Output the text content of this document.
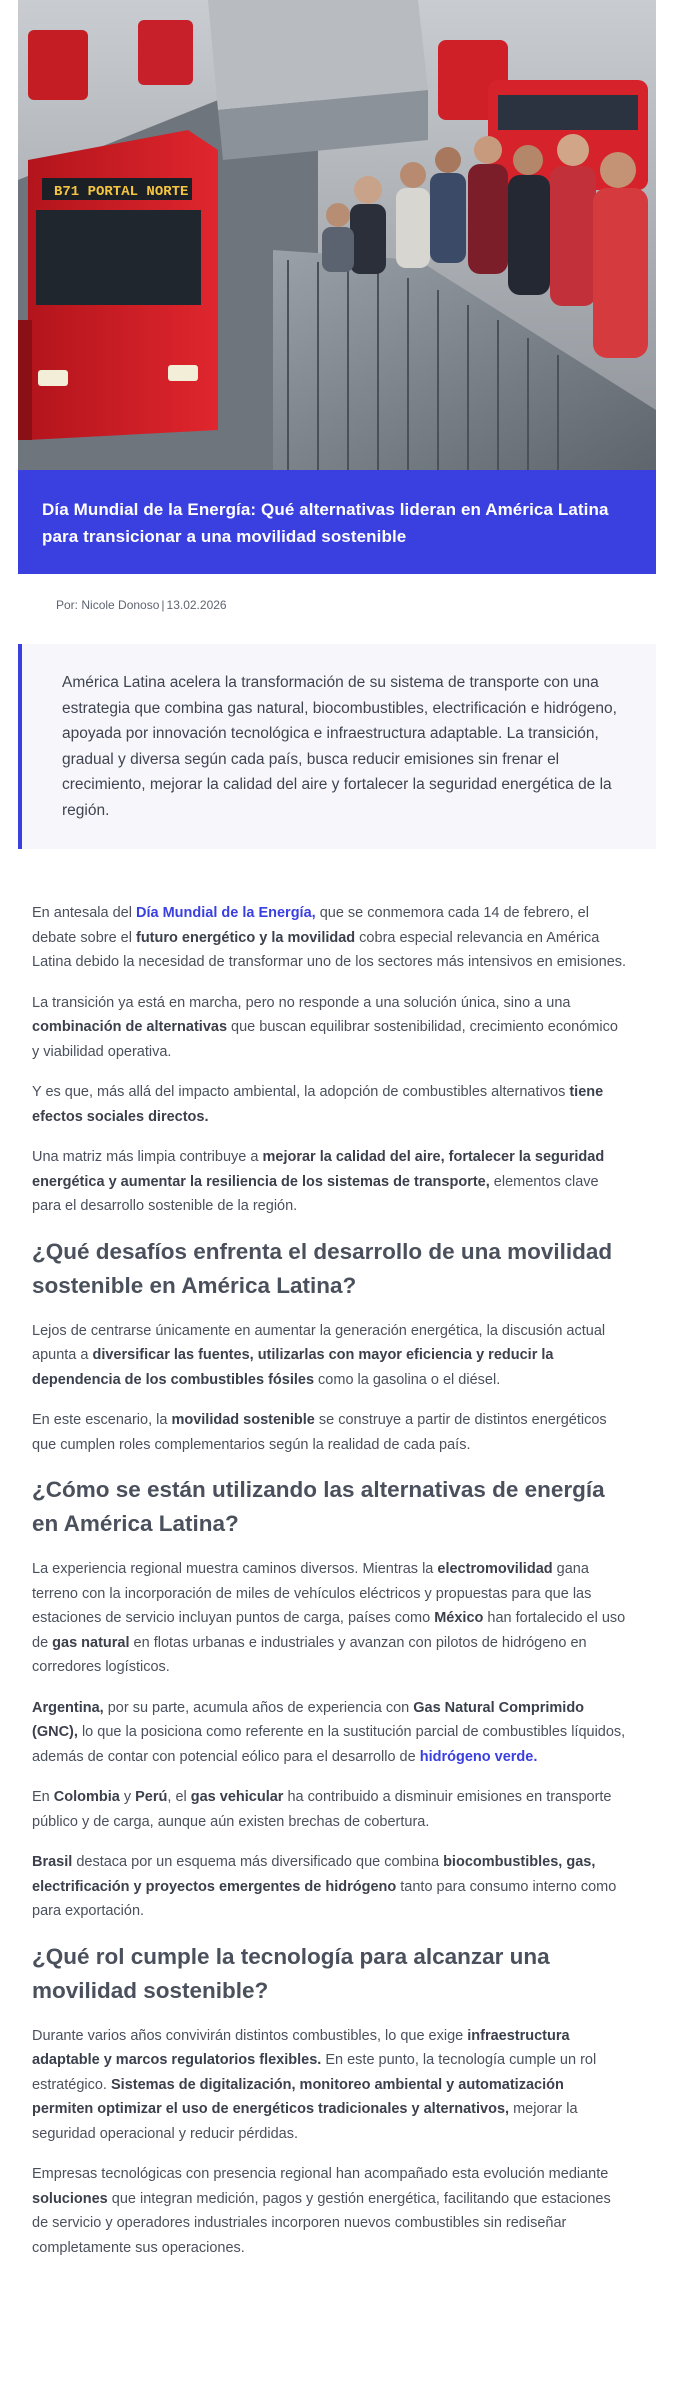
B71 PORTAL NORTE
Día Mundial de la Energía: Qué alternativas lideran en América Latina para transicionar a una movilidad sostenible
Por: Nicole Donoso | 13.02.2026

América Latina acelera la transformación de su sistema de transporte con una estrategia que combina gas natural, biocombustibles, electrificación e hidrógeno, apoyada por innovación tecnológica e infraestructura adaptable. La transición, gradual y diversa según cada país, busca reducir emisiones sin frenar el crecimiento, mejorar la calidad del aire y fortalecer la seguridad energética de la región.

En antesala del Día Mundial de la Energía, que se conmemora cada 14 de febrero, el debate sobre el futuro energético y la movilidad cobra especial relevancia en América Latina debido la necesidad de transformar uno de los sectores más intensivos en emisiones.

La transición ya está en marcha, pero no responde a una solución única, sino a una combinación de alternativas que buscan equilibrar sostenibilidad, crecimiento económico y viabilidad operativa.

Y es que, más allá del impacto ambiental, la adopción de combustibles alternativos tiene efectos sociales directos.

Una matriz más limpia contribuye a mejorar la calidad del aire, fortalecer la seguridad energética y aumentar la resiliencia de los sistemas de transporte, elementos clave para el desarrollo sostenible de la región.

¿Qué desafíos enfrenta el desarrollo de una movilidad sostenible en América Latina?

Lejos de centrarse únicamente en aumentar la generación energética, la discusión actual apunta a diversificar las fuentes, utilizarlas con mayor eficiencia y reducir la dependencia de los combustibles fósiles como la gasolina o el diésel.

En este escenario, la movilidad sostenible se construye a partir de distintos energéticos que cumplen roles complementarios según la realidad de cada país.

¿Cómo se están utilizando las alternativas de energía en América Latina?

La experiencia regional muestra caminos diversos. Mientras la electromovilidad gana terreno con la incorporación de miles de vehículos eléctricos y propuestas para que las estaciones de servicio incluyan puntos de carga, países como México han fortalecido el uso de gas natural en flotas urbanas e industriales y avanzan con pilotos de hidrógeno en corredores logísticos.

Argentina, por su parte, acumula años de experiencia con Gas Natural Comprimido (GNC), lo que la posiciona como referente en la sustitución parcial de combustibles líquidos, además de contar con potencial eólico para el desarrollo de hidrógeno verde.

En Colombia y Perú, el gas vehicular ha contribuido a disminuir emisiones en transporte público y de carga, aunque aún existen brechas de cobertura.

Brasil destaca por un esquema más diversificado que combina biocombustibles, gas, electrificación y proyectos emergentes de hidrógeno tanto para consumo interno como para exportación.

¿Qué rol cumple la tecnología para alcanzar una movilidad sostenible?

Durante varios años convivirán distintos combustibles, lo que exige infraestructura adaptable y marcos regulatorios flexibles. En este punto, la tecnología cumple un rol estratégico. Sistemas de digitalización, monitoreo ambiental y automatización permiten optimizar el uso de energéticos tradicionales y alternativos, mejorar la seguridad operacional y reducir pérdidas.

Empresas tecnológicas con presencia regional han acompañado esta evolución mediante soluciones que integran medición, pagos y gestión energética, facilitando que estaciones de servicio y operadores industriales incorporen nuevos combustibles sin rediseñar completamente sus operaciones.
